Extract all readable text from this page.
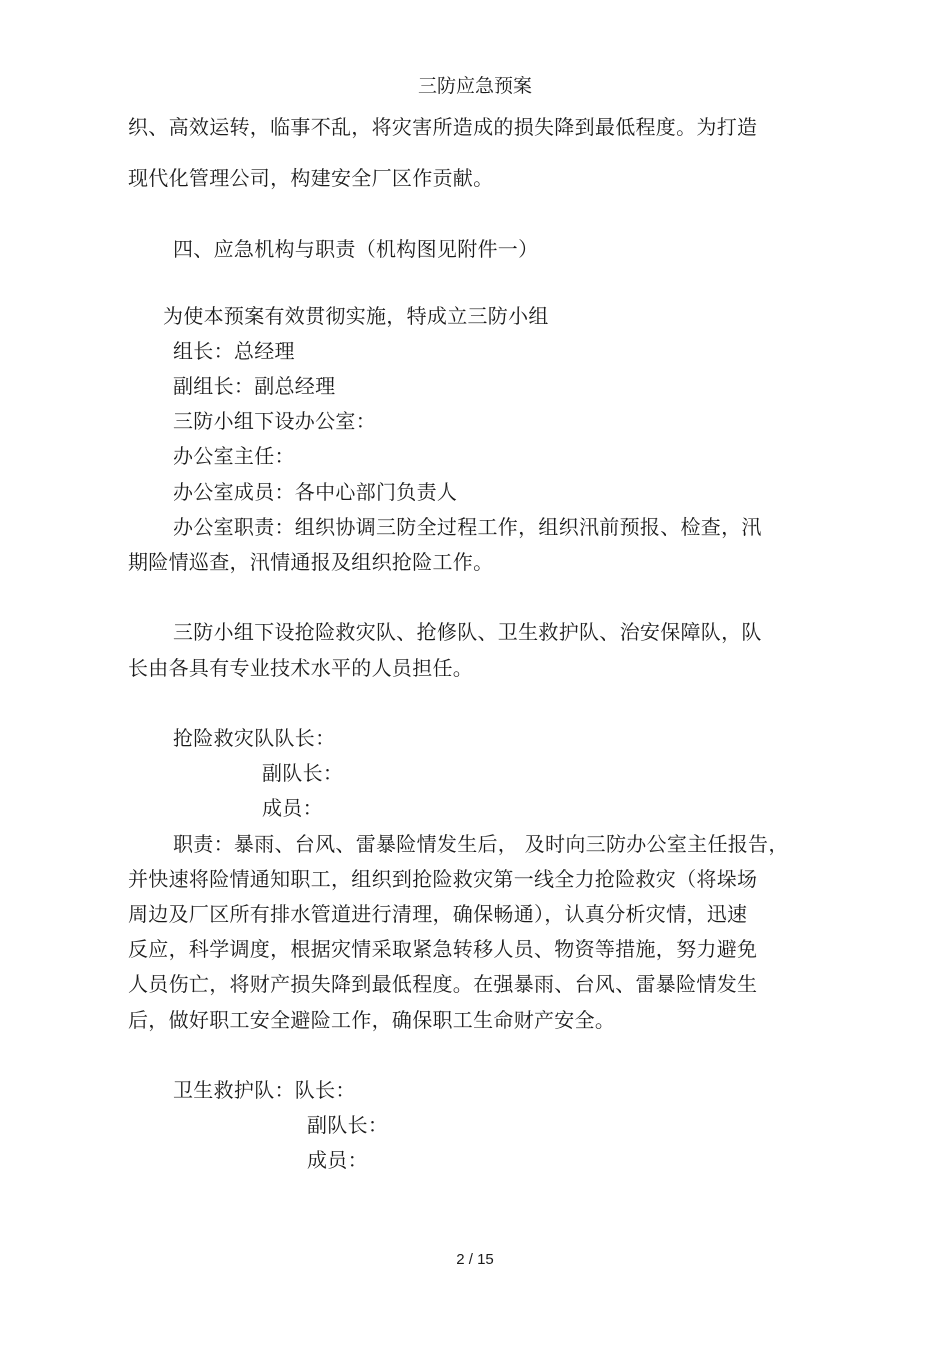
三防应急预案
织、高效运转，临事不乱，将灾害所造成的损失降到最低程度。为打造
现代化管理公司，构建安全厂区作贡献。
四、应急机构与职责（机构图见附件一）
为使本预案有效贯彻实施，特成立三防小组
组长：总经理
副组长：副总经理
三防小组下设办公室：
办公室主任：
办公室成员：各中心部门负责人
办公室职责：组织协调三防全过程工作，组织汛前预报、检查，汛
期险情巡查，汛情通报及组织抢险工作。
三防小组下设抢险救灾队、抢修队、卫生救护队、治安保障队，队
长由各具有专业技术水平的人员担任。
抢险救灾队队长：
副队长：
成员：
职责：暴雨、台风、雷暴险情发生后， 及时向三防办公室主任报告，
并快速将险情通知职工，组织到抢险救灾第一线全力抢险救灾（将垛场
周边及厂区所有排水管道进行清理，确保畅通），认真分析灾情，迅速
反应，科学调度，根据灾情采取紧急转移人员、物资等措施，努力避免
人员伤亡，将财产损失降到最低程度。在强暴雨、台风、雷暴险情发生
后，做好职工安全避险工作，确保职工生命财产安全。
卫生救护队：队长：
副队长：
成员：
2 / 15
